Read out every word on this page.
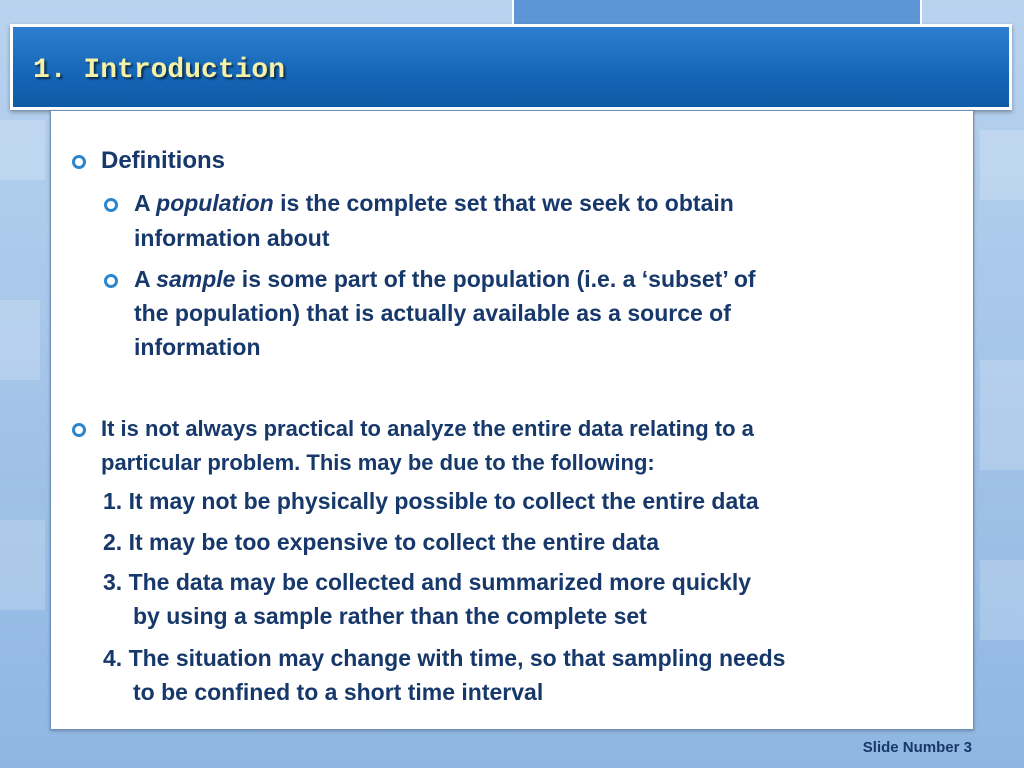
1. Introduction
Definitions
A population is the complete set that we seek to obtain
information about
A sample is some part of the population (i.e. a ‘subset’ of
the population) that is actually available as a source of
information
It is not always practical to analyze the entire data relating to a
particular problem. This may be due to the following:
1. It may not be physically possible to collect the entire data
2. It may be too expensive to collect the entire data
3. The data may be collected and summarized more quickly
by using a sample rather than the complete set
4. The situation may change with time, so that sampling needs
to be confined to a short time interval
Slide Number 3
